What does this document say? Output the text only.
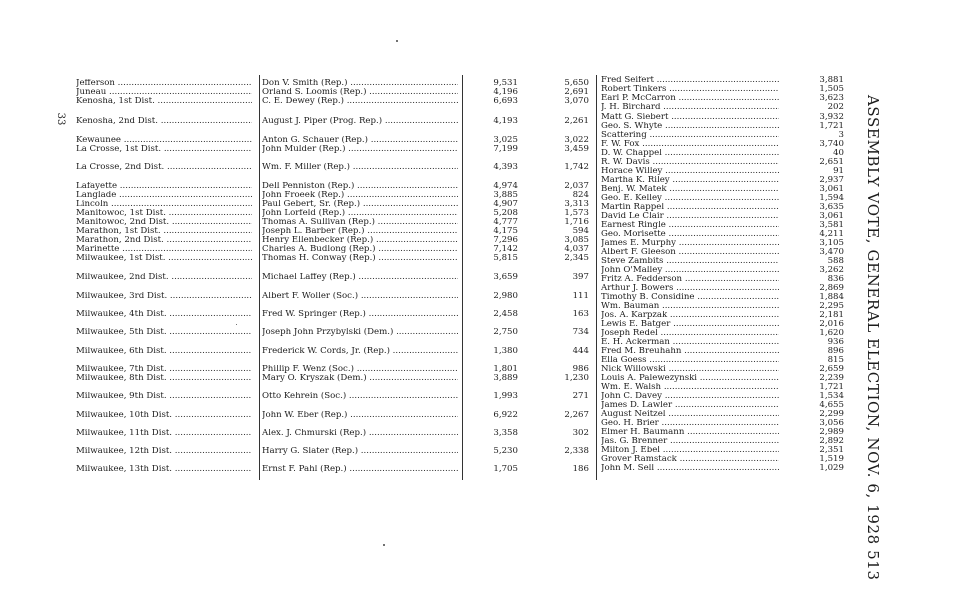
ASSEMBLY VOTE, GENERAL ELECTION, NOV. 6, 1928 513
33
Jefferson .....	Don V. Smith (Rep.) .....	9,531	5,650
Juneau .....	Orland S. Loomis (Rep.) .....	4,196	2,691
Kenosha, 1st Dist. .....	C. E. Dewey (Rep.) .....	6,693	3,070
Kenosha, 2nd Dist. .....	August J. Piper (Prog. Rep.) .....	4,193	2,261
Kewaunee .....	Anton G. Schauer (Rep.) .....	3,025	3,022
La Crosse, 1st Dist. .....	John Mulder (Rep.) .....	7,199	3,459
La Crosse, 2nd Dist. .....	Wm. F. Miller (Rep.) .....	4,393	1,742
Lafayette .....	Dell Penniston (Rep.) .....	4,974	2,037
Langlade .....	John Froeek (Rep.) .....	3,885	824
Lincoln .....	Paul Gebert, Sr. (Rep.) .....	4,907	3,313
Manitowoc, 1st Dist. .....	John Lorfeld (Rep.) .....	5,208	1,573
Manitowoc, 2nd Dist. .....	Thomas A. Sullivan (Rep.) .....	4,777	1,716
Marathon, 1st Dist. .....	Joseph L. Barber (Rep.) .....	4,175	594
Marathon, 2nd Dist. .....	Henry Ellenbecker (Rep.) .....	7,296	3,085
Marinette .....	Charles A. Budlong (Rep.) .....	7,142	4,037
Milwaukee, 1st Dist. .....	Thomas H. Conway (Rep.) .....	5,815	2,345
Milwaukee, 2nd Dist. .....	Michael Laffey (Rep.) .....	3,659	397
Milwaukee, 3rd Dist. .....	Albert F. Woller (Soc.) .....	2,980	111
Milwaukee, 4th Dist. .....	Fred W. Springer (Rep.) .....	2,458	163
Milwaukee, 5th Dist. .....	Joseph John Przybylski (Dem.) .....	2,750	734
Milwaukee, 6th Dist. .....	Frederick W. Cords, Jr. (Rep.) .....	1,380	444
Milwaukee, 7th Dist. .....	Phillip F. Wenz (Soc.) .....	1,801	986
Milwaukee, 8th Dist. .....	Mary O. Kryszak (Dem.) .....	3,889	1,230
Milwaukee, 9th Dist. .....	Otto Kehrein (Soc.) .....	1,993	271
Milwaukee, 10th Dist. .....	John W. Eber (Rep.) .....	6,922	2,267
Milwaukee, 11th Dist. .....	Alex. J. Chmurski (Rep.) .....	3,358	302
Milwaukee, 12th Dist. .....	Harry G. Slater (Rep.) .....	5,230	2,338
Milwaukee, 13th Dist. .....	Ernst F. Pahl (Rep.) .....	1,705	186
Fred Seifert .....	3,881
Robert Tinkers .....	1,505
Earl P. McCarron .....	3,623
J. H. Birchard .....	202
Matt G. Siebert .....	3,932
Geo. S. Whyte .....	1,721
Scattering .....	3
F. W. Fox .....	3,740
D. W. Chappel .....	40
R. W. Davis .....	2,651
Horace Willey .....	91
Martha K. Riley .....	2,937
Benj. W. Matek .....	3,061
Geo. E. Kelley .....	1,594
Martin Rappel .....	3,635
David Le Clair .....	3,061
Earnest Ringle .....	3,581
Geo. Morisette .....	4,211
James E. Murphy .....	3,105
Albert F. Gleeson .....	3,470
Steve Zambits .....	588
John O'Malley .....	3,262
Fritz A. Fedderson .....	836
Arthur J. Bowers .....	2,869
Timothy B. Considine .....	1,884
Wm. Bauman .....	2,295
Jos. A. Karpzak .....	2,181
Lewis E. Batger .....	2,016
Joseph Redel .....	1,620
E. H. Ackerman .....	936
Fred M. Breuhahn .....	896
Ella Goess .....	815
Nick Willowski .....	2,659
Louis A. Palewezynski .....	2,239
Wm. E. Walsh .....	1,721
John C. Davey .....	1,534
James D. Lawler .....	4,655
August Neitzel .....	2,299
Geo. H. Brier .....	3,056
Elmer H. Baumann .....	2,989
Jas. G. Brenner .....	2,892
Milton J. Ebel .....	2,351
Grover Ramstack .....	1,519
John M. Sell .....	1,029
